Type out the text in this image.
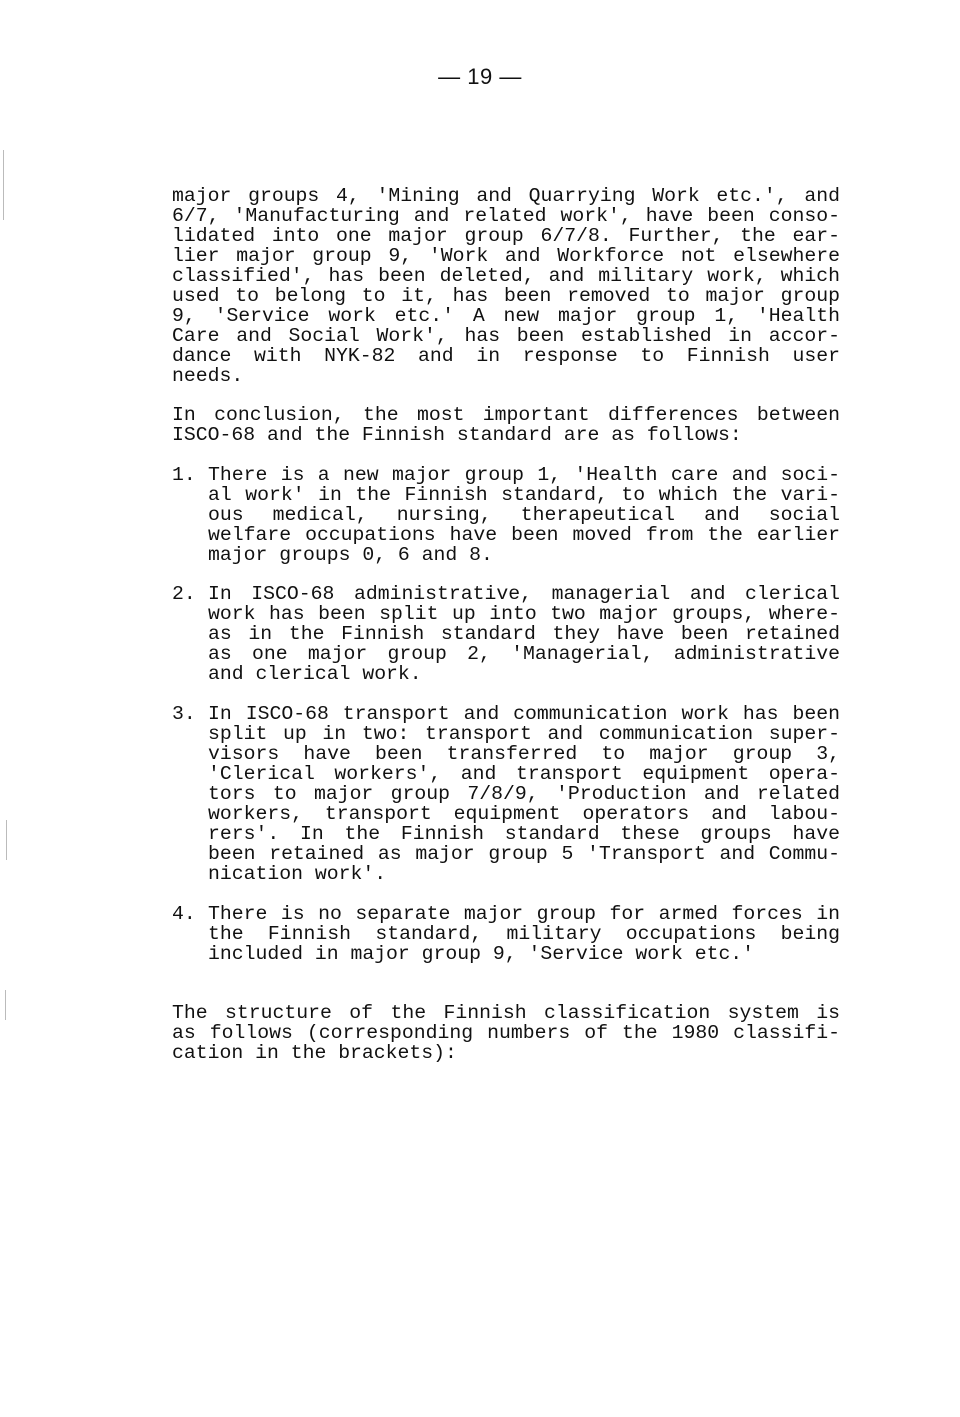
— 19 —
major groups 4, 'Mining and Quarrying Work etc.', and
6/7, 'Manufacturing and related work', have been conso-
lidated into one major group 6/7/8. Further, the ear-
lier major group 9, 'Work and Workforce not elsewhere
classified', has been deleted, and military work, which
used to belong to it, has been removed to major group
9, 'Service work etc.' A new major group 1, 'Health
Care and Social Work', has been established in accor-
dance with NYK-82 and in response to Finnish user
needs.
In conclusion, the most important differences between
ISCO-68 and the Finnish standard are as follows:
1. There is a new major group 1, 'Health care and soci-
al work' in the Finnish standard, to which the vari-
ous medical, nursing, therapeutical and social
welfare occupations have been moved from the earlier
major groups 0, 6 and 8.
2. In ISCO-68 administrative, managerial and clerical
work has been split up into two major groups, where-
as in the Finnish standard they have been retained
as one major group 2, 'Managerial, administrative
and clerical work.
3. In ISCO-68 transport and communication work has been
split up in two: transport and communication super-
visors have been transferred to major group 3,
'Clerical workers', and transport equipment opera-
tors to major group 7/8/9, 'Production and related
workers, transport equipment operators and labou-
rers'. In the Finnish standard these groups have
been retained as major group 5 'Transport and Commu-
nication work'.
4. There is no separate major group for armed forces in
the Finnish standard, military occupations being
included in major group 9, 'Service work etc.'
The structure of the Finnish classification system is
as follows (corresponding numbers of the 1980 classifi-
cation in the brackets):
